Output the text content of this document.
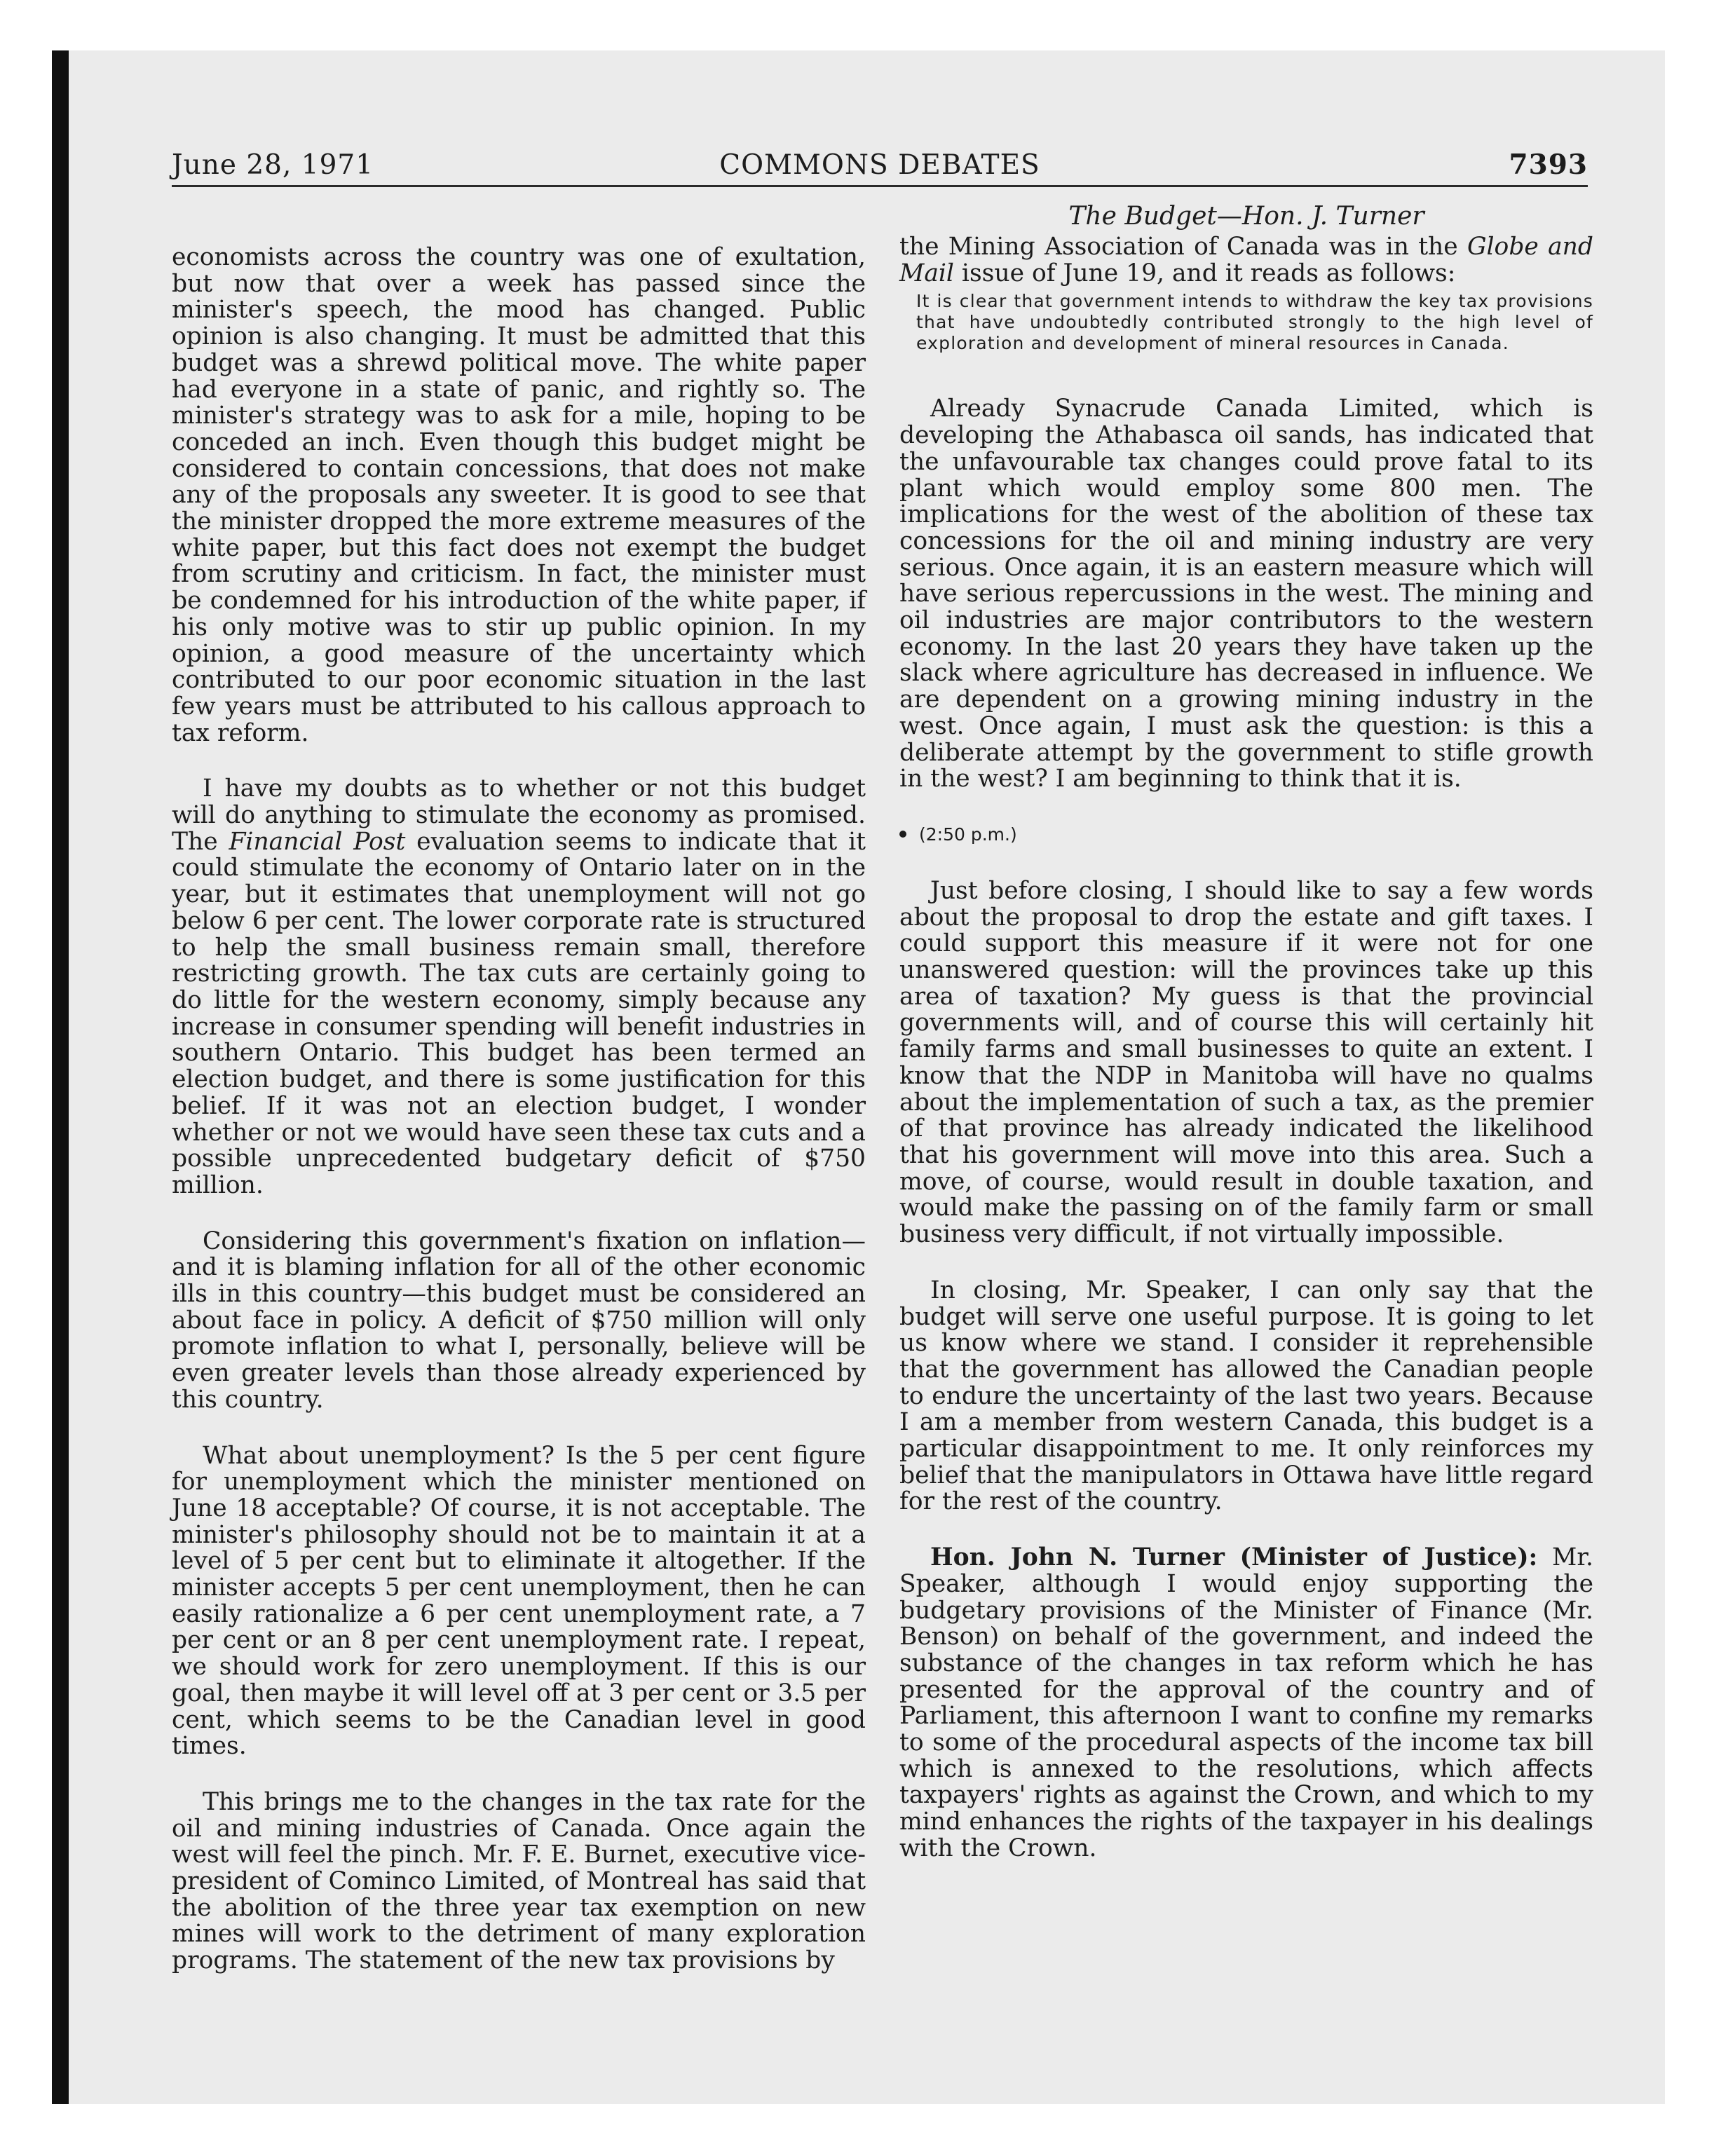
June 28, 1971	COMMONS DEBATES	7393

economists across the country was one of exultation, but now that over a week has passed since the minister's speech, the mood has changed. Public opinion is also changing. It must be admitted that this budget was a shrewd political move. The white paper had everyone in a state of panic, and rightly so. The minister's strategy was to ask for a mile, hoping to be conceded an inch. Even though this budget might be considered to contain concessions, that does not make any of the proposals any sweeter. It is good to see that the minister dropped the more extreme measures of the white paper, but this fact does not exempt the budget from scrutiny and criticism. In fact, the minister must be condemned for his introduction of the white paper, if his only motive was to stir up public opinion. In my opinion, a good measure of the uncertainty which contributed to our poor economic situation in the last few years must be attributed to his callous approach to tax reform.

I have my doubts as to whether or not this budget will do anything to stimulate the economy as promised. The Financial Post evaluation seems to indicate that it could stimulate the economy of Ontario later on in the year, but it estimates that unemployment will not go below 6 per cent. The lower corporate rate is structured to help the small business remain small, therefore restricting growth. The tax cuts are certainly going to do little for the western economy, simply because any increase in consumer spending will benefit industries in southern Ontario. This budget has been termed an election budget, and there is some justification for this belief. If it was not an election budget, I wonder whether or not we would have seen these tax cuts and a possible unprecedented budgetary deficit of $750 million.

Considering this government's fixation on inflation—and it is blaming inflation for all of the other economic ills in this country—this budget must be considered an about face in policy. A deficit of $750 million will only promote inflation to what I, personally, believe will be even greater levels than those already experienced by this country.

What about unemployment? Is the 5 per cent figure for unemployment which the minister mentioned on June 18 acceptable? Of course, it is not acceptable. The minister's philosophy should not be to maintain it at a level of 5 per cent but to eliminate it altogether. If the minister accepts 5 per cent unemployment, then he can easily rationalize a 6 per cent unemployment rate, a 7 per cent or an 8 per cent unemployment rate. I repeat, we should work for zero unemployment. If this is our goal, then maybe it will level off at 3 per cent or 3.5 per cent, which seems to be the Canadian level in good times.

This brings me to the changes in the tax rate for the oil and mining industries of Canada. Once again the west will feel the pinch. Mr. F. E. Burnet, executive vice-president of Cominco Limited, of Montreal has said that the abolition of the three year tax exemption on new mines will work to the detriment of many exploration programs. The statement of the new tax provisions by

The Budget—Hon. J. Turner

the Mining Association of Canada was in the Globe and Mail issue of June 19, and it reads as follows:

It is clear that government intends to withdraw the key tax provisions that have undoubtedly contributed strongly to the high level of exploration and development of mineral resources in Canada.

Already Synacrude Canada Limited, which is developing the Athabasca oil sands, has indicated that the unfavourable tax changes could prove fatal to its plant which would employ some 800 men. The implications for the west of the abolition of these tax concessions for the oil and mining industry are very serious. Once again, it is an eastern measure which will have serious repercussions in the west. The mining and oil industries are major contributors to the western economy. In the last 20 years they have taken up the slack where agriculture has decreased in influence. We are dependent on a growing mining industry in the west. Once again, I must ask the question: is this a deliberate attempt by the government to stifle growth in the west? I am beginning to think that it is.

(2:50 p.m.)

Just before closing, I should like to say a few words about the proposal to drop the estate and gift taxes. I could support this measure if it were not for one unanswered question: will the provinces take up this area of taxation? My guess is that the provincial governments will, and of course this will certainly hit family farms and small businesses to quite an extent. I know that the NDP in Manitoba will have no qualms about the implementation of such a tax, as the premier of that province has already indicated the likelihood that his government will move into this area. Such a move, of course, would result in double taxation, and would make the passing on of the family farm or small business very difficult, if not virtually impossible.

In closing, Mr. Speaker, I can only say that the budget will serve one useful purpose. It is going to let us know where we stand. I consider it reprehensible that the government has allowed the Canadian people to endure the uncertainty of the last two years. Because I am a member from western Canada, this budget is a particular disappointment to me. It only reinforces my belief that the manipulators in Ottawa have little regard for the rest of the country.

Hon. John N. Turner (Minister of Justice): Mr. Speaker, although I would enjoy supporting the budgetary provisions of the Minister of Finance (Mr. Benson) on behalf of the government, and indeed the substance of the changes in tax reform which he has presented for the approval of the country and of Parliament, this afternoon I want to confine my remarks to some of the procedural aspects of the income tax bill which is annexed to the resolutions, which affects taxpayers' rights as against the Crown, and which to my mind enhances the rights of the taxpayer in his dealings with the Crown.
